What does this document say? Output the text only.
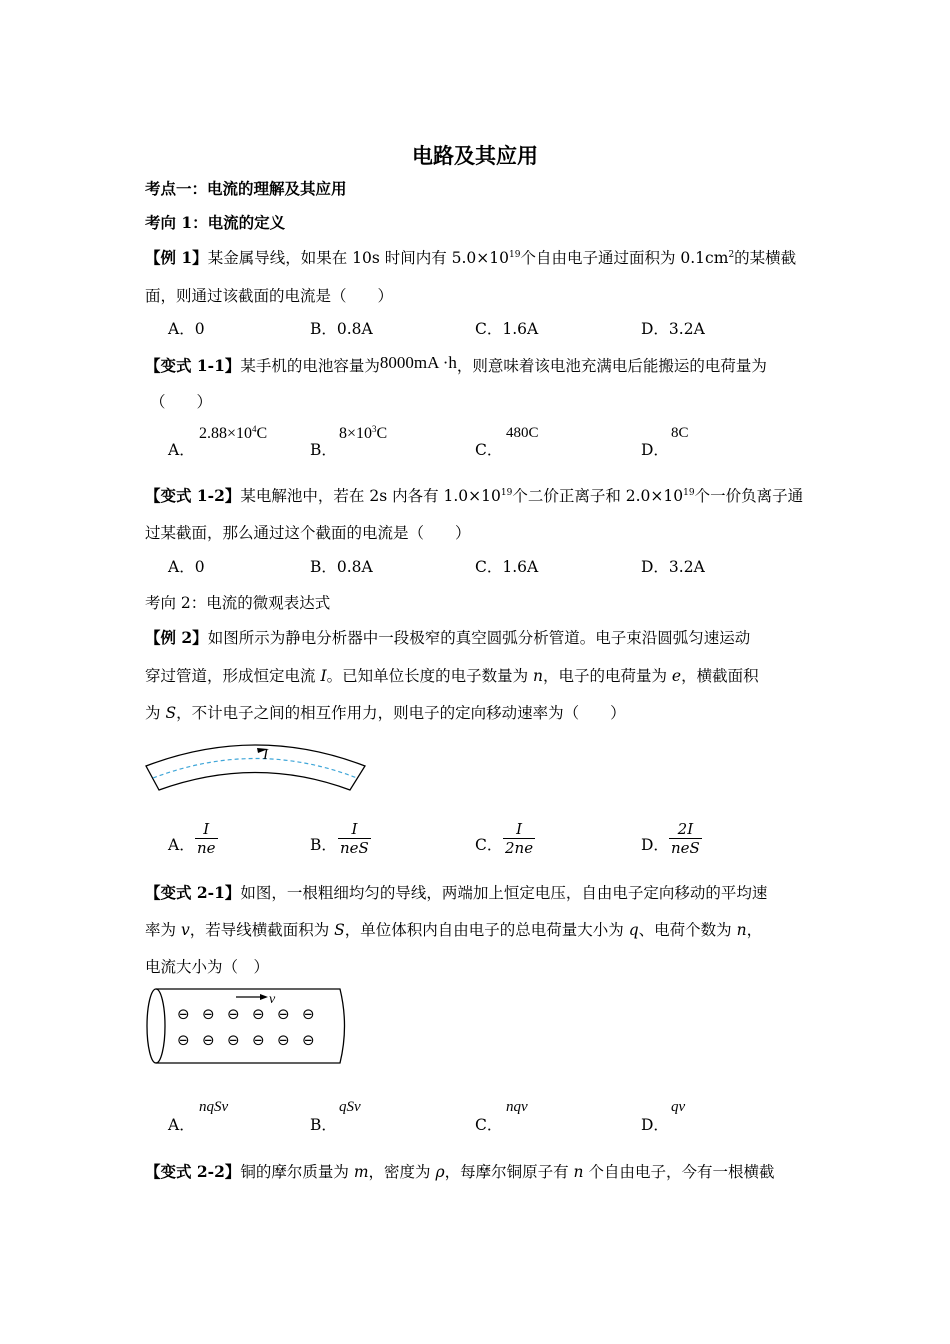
电路及其应用
考点一：电流的理解及其应用
考向 1：电流的定义
【例 1】某金属导线，如果在 10s 时间内有 $5.0\times 10^{19}$个自由电子通过面积为 $0.1cm^2$的某横截
面，则通过该截面的电流是（　　）
A．0	B．0.8A	C．1.6A	D．3.2A
【变式 1-1】某手机的电池容量为8000mA ·h，则意味着该电池充满电后能搬运的电荷量为
（　　）
A．
$2.88\times 10^4C$
B．
$8\times 10^3C$
C．
480C
D．
8C
【变式 1-2】某电解池中，若在 2s 内各有 $1.0\times 10^{19}$个二价正离子和 $2.0\times 10^{19}$个一价负离子通
过某截面，那么通过这个截面的电流是（　　）
A．0	B．0.8A	C．1.6A	D．3.2A
考向 2：电流的微观表达式
【例 2】如图所示为静电分析器中一段极窄的真空圆弧分析管道。电子束沿圆弧匀速运动
穿过管道，形成恒定电流 I。已知单位长度的电子数量为 n，电子的电荷量为 e，横截面积
为 S，不计电子之间的相互作用力，则电子的定向移动速率为（　　）
I
A． $\frac{I}{ne}$	B．
I
neS	C． $\frac{I}{2ne}$	D．
2I
neS
【变式 2-1】如图，一根粗细均匀的导线，两端加上恒定电压，自由电子定向移动的平均速
率为 v，若导线横截面积为 S，单位体积内自由电子的总电荷量大小为 q、电荷个数为 n，
电流大小为（　）
v
⊖ ⊖ ⊖ ⊖ ⊖ ⊖
⊖ ⊖ ⊖ ⊖ ⊖ ⊖
A．
nqSv
B．
qSv
C．
nqv
D．
qv
【变式 2-2】铜的摩尔质量为 m，密度为 ρ，每摩尔铜原子有 n 个自由电子，今有一根横截
